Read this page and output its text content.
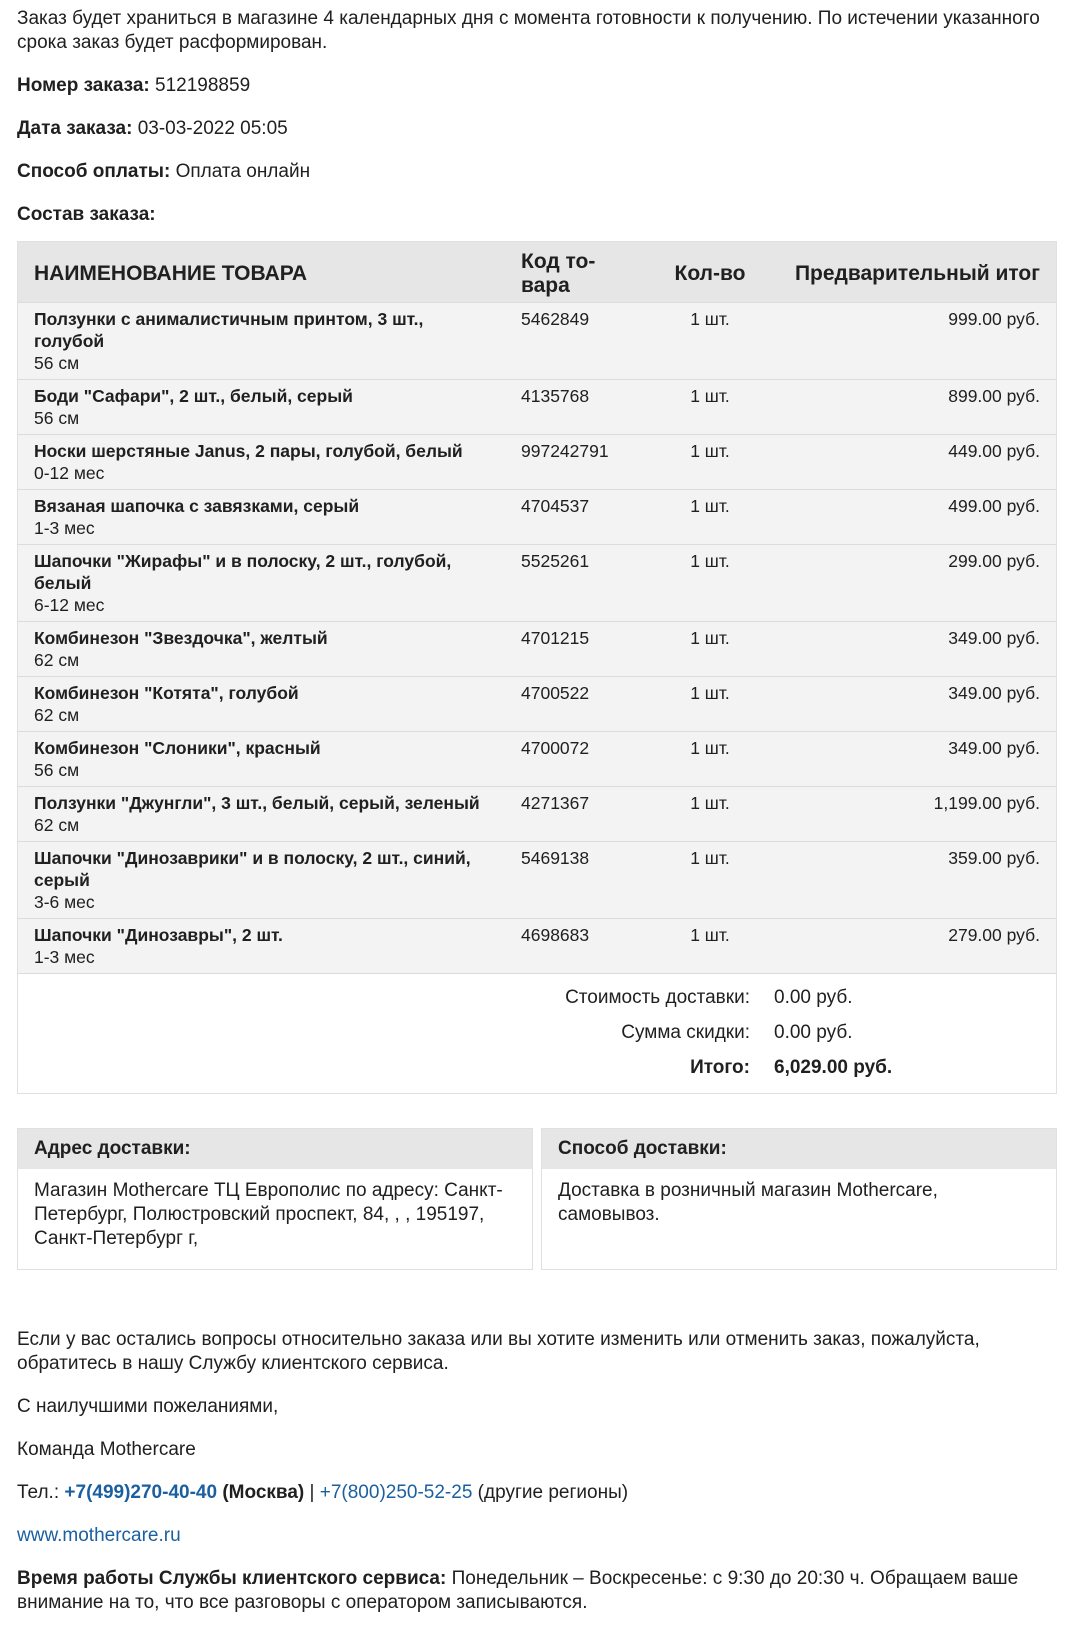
Заказ будет храниться в магазине 4 календарных дня с момента готовности к получению. По истечении указанного срока заказ будет расформирован.

Номер заказа: 512198859

Дата заказа: 03-03-2022 05:05

Способ оплаты: Оплата онлайн

Состав заказа:

НАИМЕНОВАНИЕ ТОВАРА	Код то-вара	Кол-во	Предварительный итог

Ползунки с анималистичным принтом, 3 шт., голубой
56 см	5462849	1 шт.	999.00 руб.

Боди "Сафари", 2 шт., белый, серый
56 см	4135768	1 шт.	899.00 руб.

Носки шерстяные Janus, 2 пары, голубой, белый
0-12 мес	997242791	1 шт.	449.00 руб.

Вязаная шапочка с завязками, серый
1-3 мес	4704537	1 шт.	499.00 руб.

Шапочки "Жирафы" и в полоску, 2 шт., голубой, белый
6-12 мес	5525261	1 шт.	299.00 руб.

Комбинезон "Звездочка", желтый
62 см	4701215	1 шт.	349.00 руб.

Комбинезон "Котята", голубой
62 см	4700522	1 шт.	349.00 руб.

Комбинезон "Слоники", красный
56 см	4700072	1 шт.	349.00 руб.

Ползунки "Джунгли", 3 шт., белый, серый, зеленый
62 см	4271367	1 шт.	1,199.00 руб.

Шапочки "Динозаврики" и в полоску, 2 шт., синий, серый
3-6 мес	5469138	1 шт.	359.00 руб.

Шапочки "Динозавры", 2 шт.
1-3 мес	4698683	1 шт.	279.00 руб.
Стоимость доставки:	0.00 руб.
Сумма скидки:	0.00 руб.
Итого:	6,029.00 руб.
Адрес доставки:
Магазин Mothercare ТЦ Европолис по адресу: Санкт-Петербург, Полюстровский проспект, 84, , , 195197, Санкт-Петербург г,
Способ доставки:
Доставка в розничный магазин Mothercare, самовывоз.

Если у вас остались вопросы относительно заказа или вы хотите изменить или отменить заказ, пожалуйста, обратитесь в нашу Службу клиентского сервиса.

С наилучшими пожеланиями,

Команда Mothercare

Тел.: +7(499)270-40-40 (Москва) | +7(800)250-52-25 (другие регионы)

www.mothercare.ru

Время работы Службы клиентского сервиса: Понедельник – Воскресенье: с 9:30 до 20:30 ч. Обращаем ваше внимание на то, что все разговоры с оператором записываются.
